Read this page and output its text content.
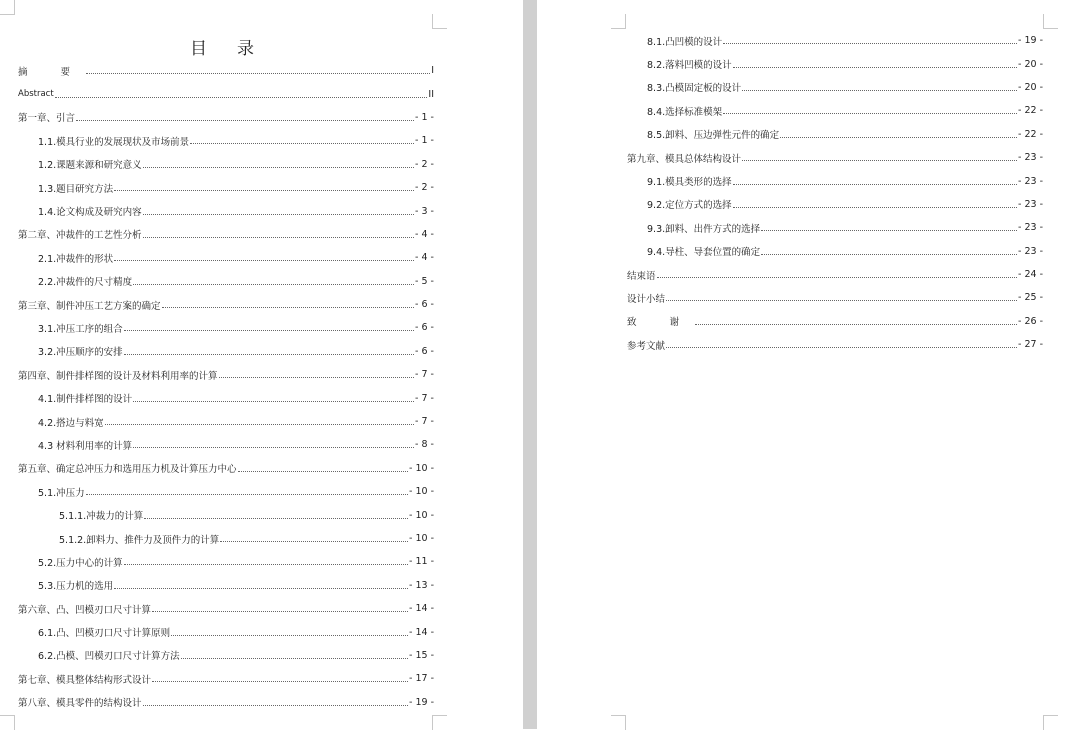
目录
摘 要	I
Abstract	II
第一章、引言	- 1 -
1.1.模具行业的发展现状及市场前景	- 1 -
1.2.课题来源和研究意义	- 2 -
1.3.题目研究方法	- 2 -
1.4.论文构成及研究内容	- 3 -
第二章、冲裁件的工艺性分析	- 4 -
2.1.冲裁件的形状	- 4 -
2.2.冲裁件的尺寸精度	- 5 -
第三章、制件冲压工艺方案的确定	- 6 -
3.1.冲压工序的组合	- 6 -
3.2.冲压顺序的安排	- 6 -
第四章、制件排样图的设计及材料利用率的计算	- 7 -
4.1.制件排样图的设计	- 7 -
4.2.搭边与料宽	- 7 -
4.3 材料利用率的计算	- 8 -
第五章、确定总冲压力和选用压力机及计算压力中心	- 10 -
5.1.冲压力	- 10 -
5.1.1.冲裁力的计算	- 10 -
5.1.2.卸料力、推件力及顶件力的计算	- 10 -
5.2.压力中心的计算	- 11 -
5.3.压力机的选用	- 13 -
第六章、凸、凹模刃口尺寸计算	- 14 -
6.1.凸、凹模刃口尺寸计算原则	- 14 -
6.2.凸模、凹模刃口尺寸计算方法	- 15 -
第七章、模具整体结构形式设计	- 17 -
第八章、模具零件的结构设计	- 19 -
8.1.凸凹模的设计	- 19 -
8.2.落料凹模的设计	- 20 -
8.3.凸模固定板的设计	- 20 -
8.4.选择标准模架	- 22 -
8.5.卸料、压边弹性元件的确定	- 22 -
第九章、模具总体结构设计	- 23 -
9.1.模具类形的选择	- 23 -
9.2.定位方式的选择	- 23 -
9.3.卸料、出件方式的选择	- 23 -
9.4.导柱、导套位置的确定	- 23 -
结束语	- 24 -
设计小结	- 25 -
致 谢	- 26 -
参考文献	- 27 -
